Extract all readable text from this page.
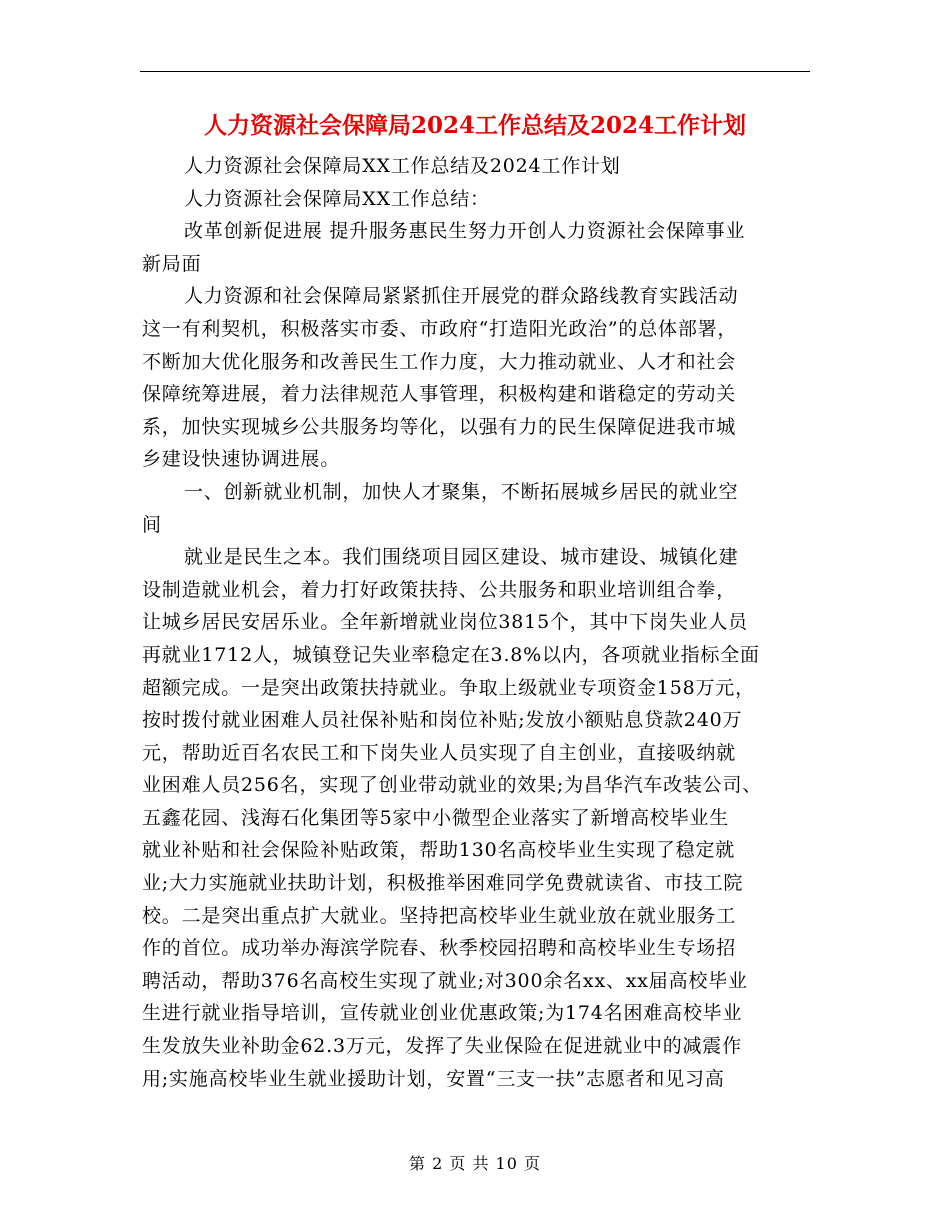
人力资源社会保障局2024工作总结及2024工作计划
人力资源社会保障局XX工作总结及2024工作计划
人力资源社会保障局XX工作总结：
改革创新促进展 提升服务惠民生努力开创人力资源社会保障事业
新局面
人力资源和社会保障局紧紧抓住开展党的群众路线教育实践活动
这一有利契机，积极落实市委、市政府“打造阳光政治”的总体部署，
不断加大优化服务和改善民生工作力度，大力推动就业、人才和社会
保障统筹进展，着力法律规范人事管理，积极构建和谐稳定的劳动关
系，加快实现城乡公共服务均等化，以强有力的民生保障促进我市城
乡建设快速协调进展。
一、创新就业机制，加快人才聚集，不断拓展城乡居民的就业空
间
就业是民生之本。我们围绕项目园区建设、城市建设、城镇化建
设制造就业机会，着力打好政策扶持、公共服务和职业培训组合拳，
让城乡居民安居乐业。全年新增就业岗位3815个，其中下岗失业人员
再就业1712人，城镇登记失业率稳定在3.8%以内，各项就业指标全面
超额完成。一是突出政策扶持就业。争取上级就业专项资金158万元，
按时拨付就业困难人员社保补贴和岗位补贴;发放小额贴息贷款240万
元，帮助近百名农民工和下岗失业人员实现了自主创业，直接吸纳就
业困难人员256名，实现了创业带动就业的效果;为昌华汽车改装公司、
五鑫花园、浅海石化集团等5家中小微型企业落实了新增高校毕业生
就业补贴和社会保险补贴政策，帮助130名高校毕业生实现了稳定就
业;大力实施就业扶助计划，积极推举困难同学免费就读省、市技工院
校。二是突出重点扩大就业。坚持把高校毕业生就业放在就业服务工
作的首位。成功举办海滨学院春、秋季校园招聘和高校毕业生专场招
聘活动，帮助376名高校生实现了就业;对300余名xx、xx届高校毕业
生进行就业指导培训，宣传就业创业优惠政策;为174名困难高校毕业
生发放失业补助金62.3万元，发挥了失业保险在促进就业中的减震作
用;实施高校毕业生就业援助计划，安置“三支一扶”志愿者和见习高
第 2 页 共 10 页
